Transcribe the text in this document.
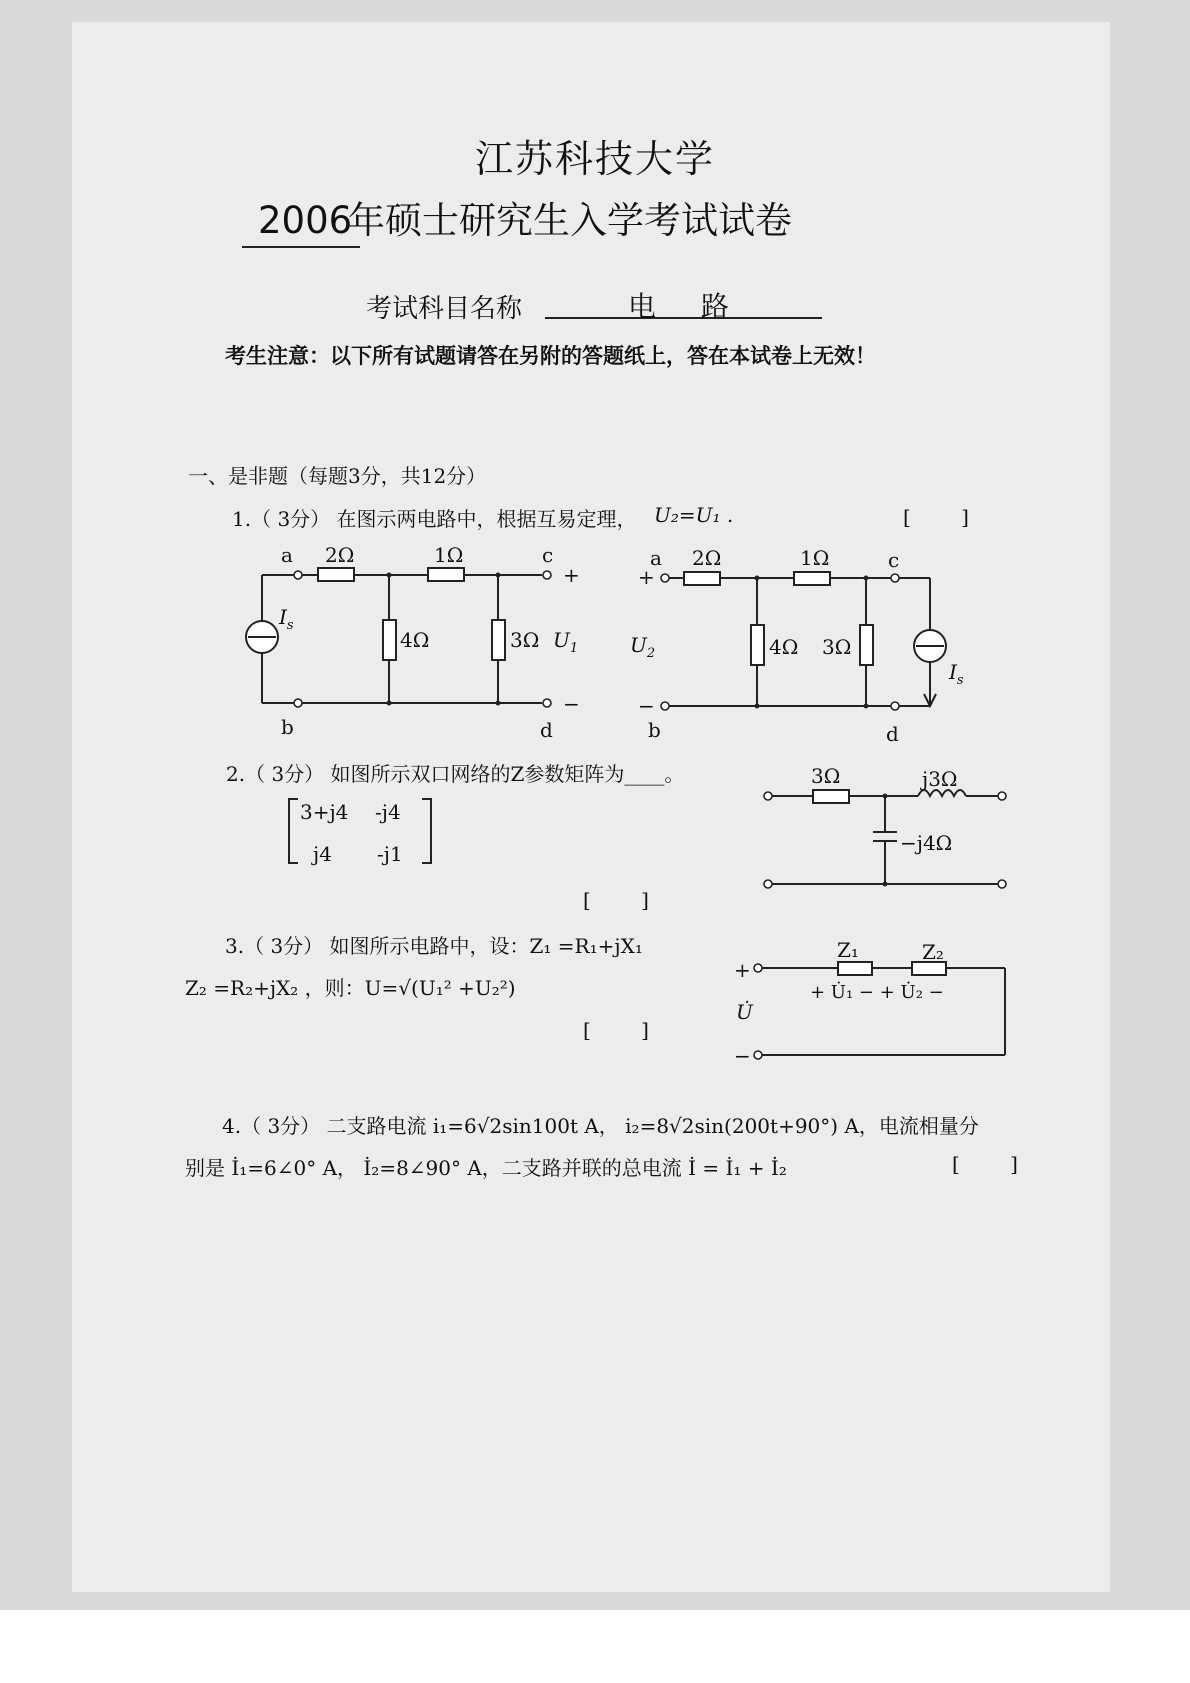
江苏科技大学
2006年硕士研究生入学考试试卷
考试科目名称	电 路
考生注意：以下所有试题请答在另附的答题纸上，答在本试卷上无效！
一、是非题（每题3分，共12分）
1.（ 3分） 在图示两电路中，根据互易定理， U₂=U₁ .	[ ]
a 2Ω	1Ω	c
+
$I_s$
4Ω	3Ω $U_1$
−
b	d
a 2Ω	1Ω	c
+
$U_2$	4Ω 3Ω
$I_s$
−
b	d
2.（ 3分） 如图所示双口网络的Z参数矩阵为____。
3+j4 -j4
j4 -j1
[ ]
3Ω	j3Ω
−j4Ω
3.（ 3分） 如图所示电路中，设：Z₁ =R₁+jX₁
Z₂ =R₂+jX₂ ，则：U=√(U₁² +U₂²)
[ ]
Z₁	Z₂
+ U̇₁ − + U̇₂ −
+
U̇
−
4.（ 3分） 二支路电流 i₁=6√2sin100t A， i₂=8√2sin(200t+90°) A，电流相量分
别是 İ₁=6∠0° A， İ₂=8∠90° A，二支路并联的总电流 İ = İ₁ + İ₂	[ ]
